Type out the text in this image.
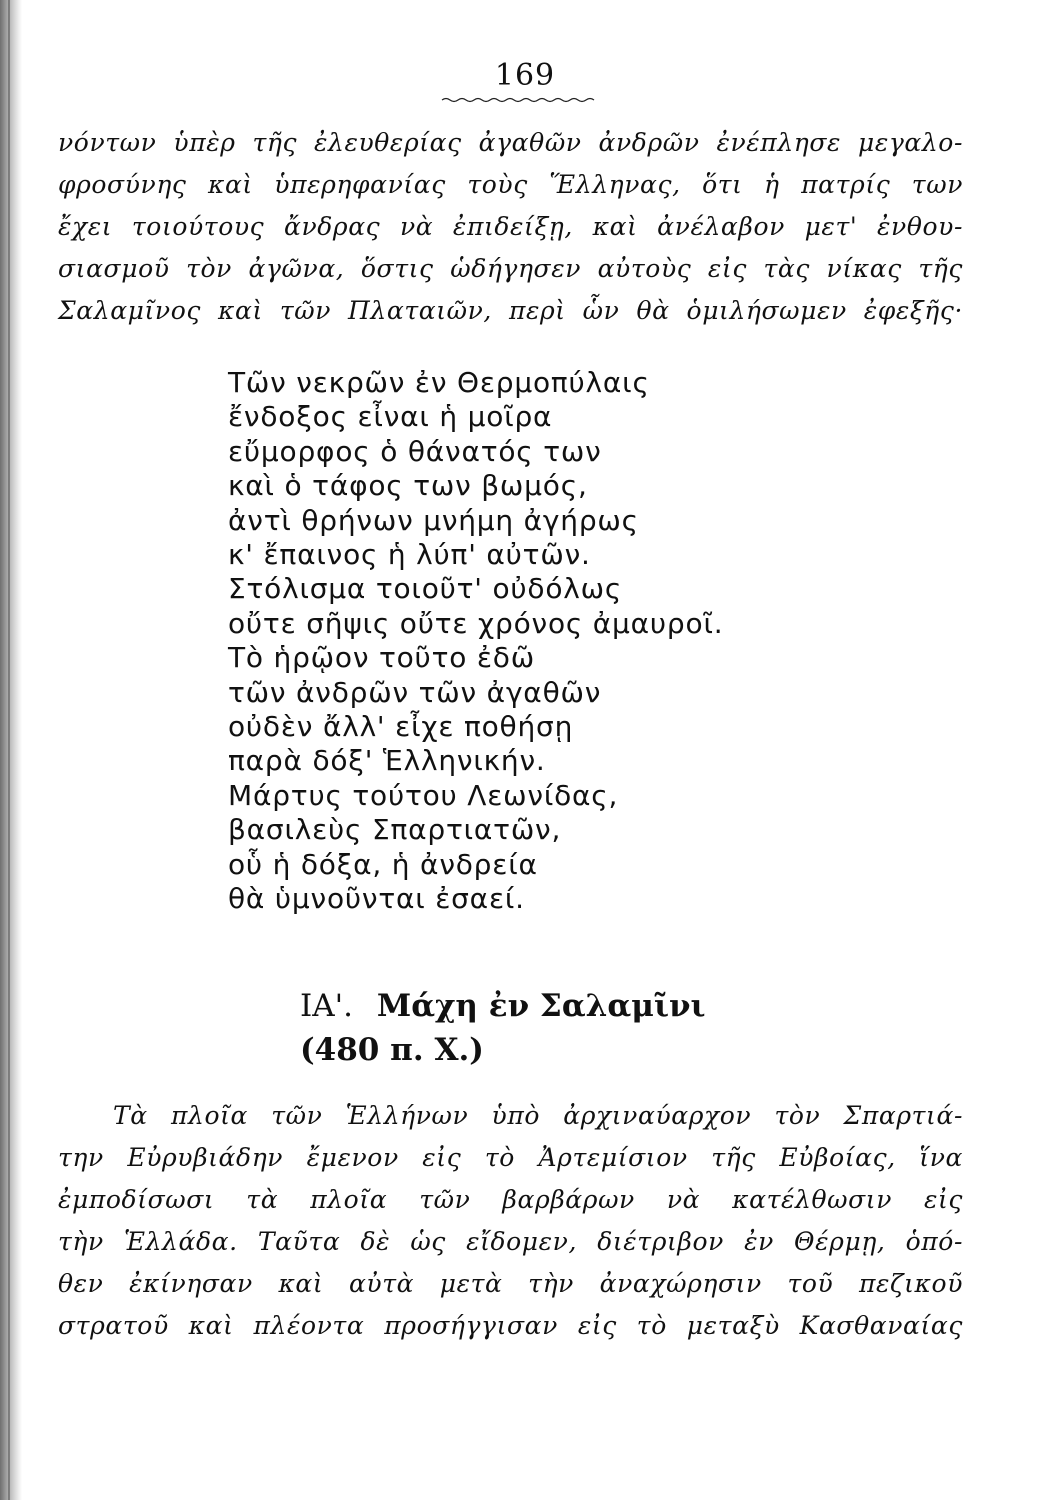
169
νόντων ὑπὲρ τῆς ἐλευθερίας ἀγαθῶν ἀνδρῶν ἐνέπλησε μεγαλο-
φροσύνης καὶ ὑπερηφανίας τοὺς Ἕλληνας, ὅτι ἡ πατρίς των
ἔχει τοιούτους ἄνδρας νὰ ἐπιδείξῃ, καὶ ἀνέλαβον μετ' ἐνθου-
σιασμοῦ τὸν ἀγῶνα, ὅστις ὡδήγησεν αὐτοὺς εἰς τὰς νίκας τῆς
Σαλαμῖνος καὶ τῶν Πλαταιῶν, περὶ ὧν θὰ ὁμιλήσωμεν ἐφεξῆς·
Τῶν νεκρῶν ἐν Θερμοπύλαις
ἔνδοξος εἶναι ἡ μοῖρα
εὔμορφος ὁ θάνατός των
καὶ ὁ τάφος των βωμός,
ἀντὶ θρήνων μνήμη ἀγήρως
κ' ἔπαινος ἡ λύπ' αὐτῶν.
Στόλισμα τοιοῦτ' οὐδόλως
οὔτε σῆψις οὔτε χρόνος ἀμαυροῖ.
Τὸ ἡρῷον τοῦτο ἐδῶ
τῶν ἀνδρῶν τῶν ἀγαθῶν
οὐδὲν ἄλλ' εἶχε ποθήσῃ
παρὰ δόξ' Ἑλληνικήν.
Μάρτυς τούτου Λεωνίδας,
βασιλεὺς Σπαρτιατῶν,
οὗ ἡ δόξα, ἡ ἀνδρεία
θὰ ὑμνοῦνται ἐσαεί.
ΙΑ'. Μάχη ἐν Σαλαμῖνι
(480 π. Χ.)
Τὰ πλοῖα τῶν Ἑλλήνων ὑπὸ ἀρχιναύαρχον τὸν Σπαρτιά-
την Εὐρυβιάδην ἔμενον εἰς τὸ Ἀρτεμίσιον τῆς Εὐβοίας, ἵνα
ἐμποδίσωσι τὰ πλοῖα τῶν βαρβάρων νὰ κατέλθωσιν εἰς
τὴν Ἑλλάδα. Ταῦτα δὲ ὡς εἴδομεν, διέτριβον ἐν Θέρμῃ, ὁπό-
θεν ἐκίνησαν καὶ αὐτὰ μετὰ τὴν ἀναχώρησιν τοῦ πεζικοῦ
στρατοῦ καὶ πλέοντα προσήγγισαν εἰς τὸ μεταξὺ Κασθαναίας
